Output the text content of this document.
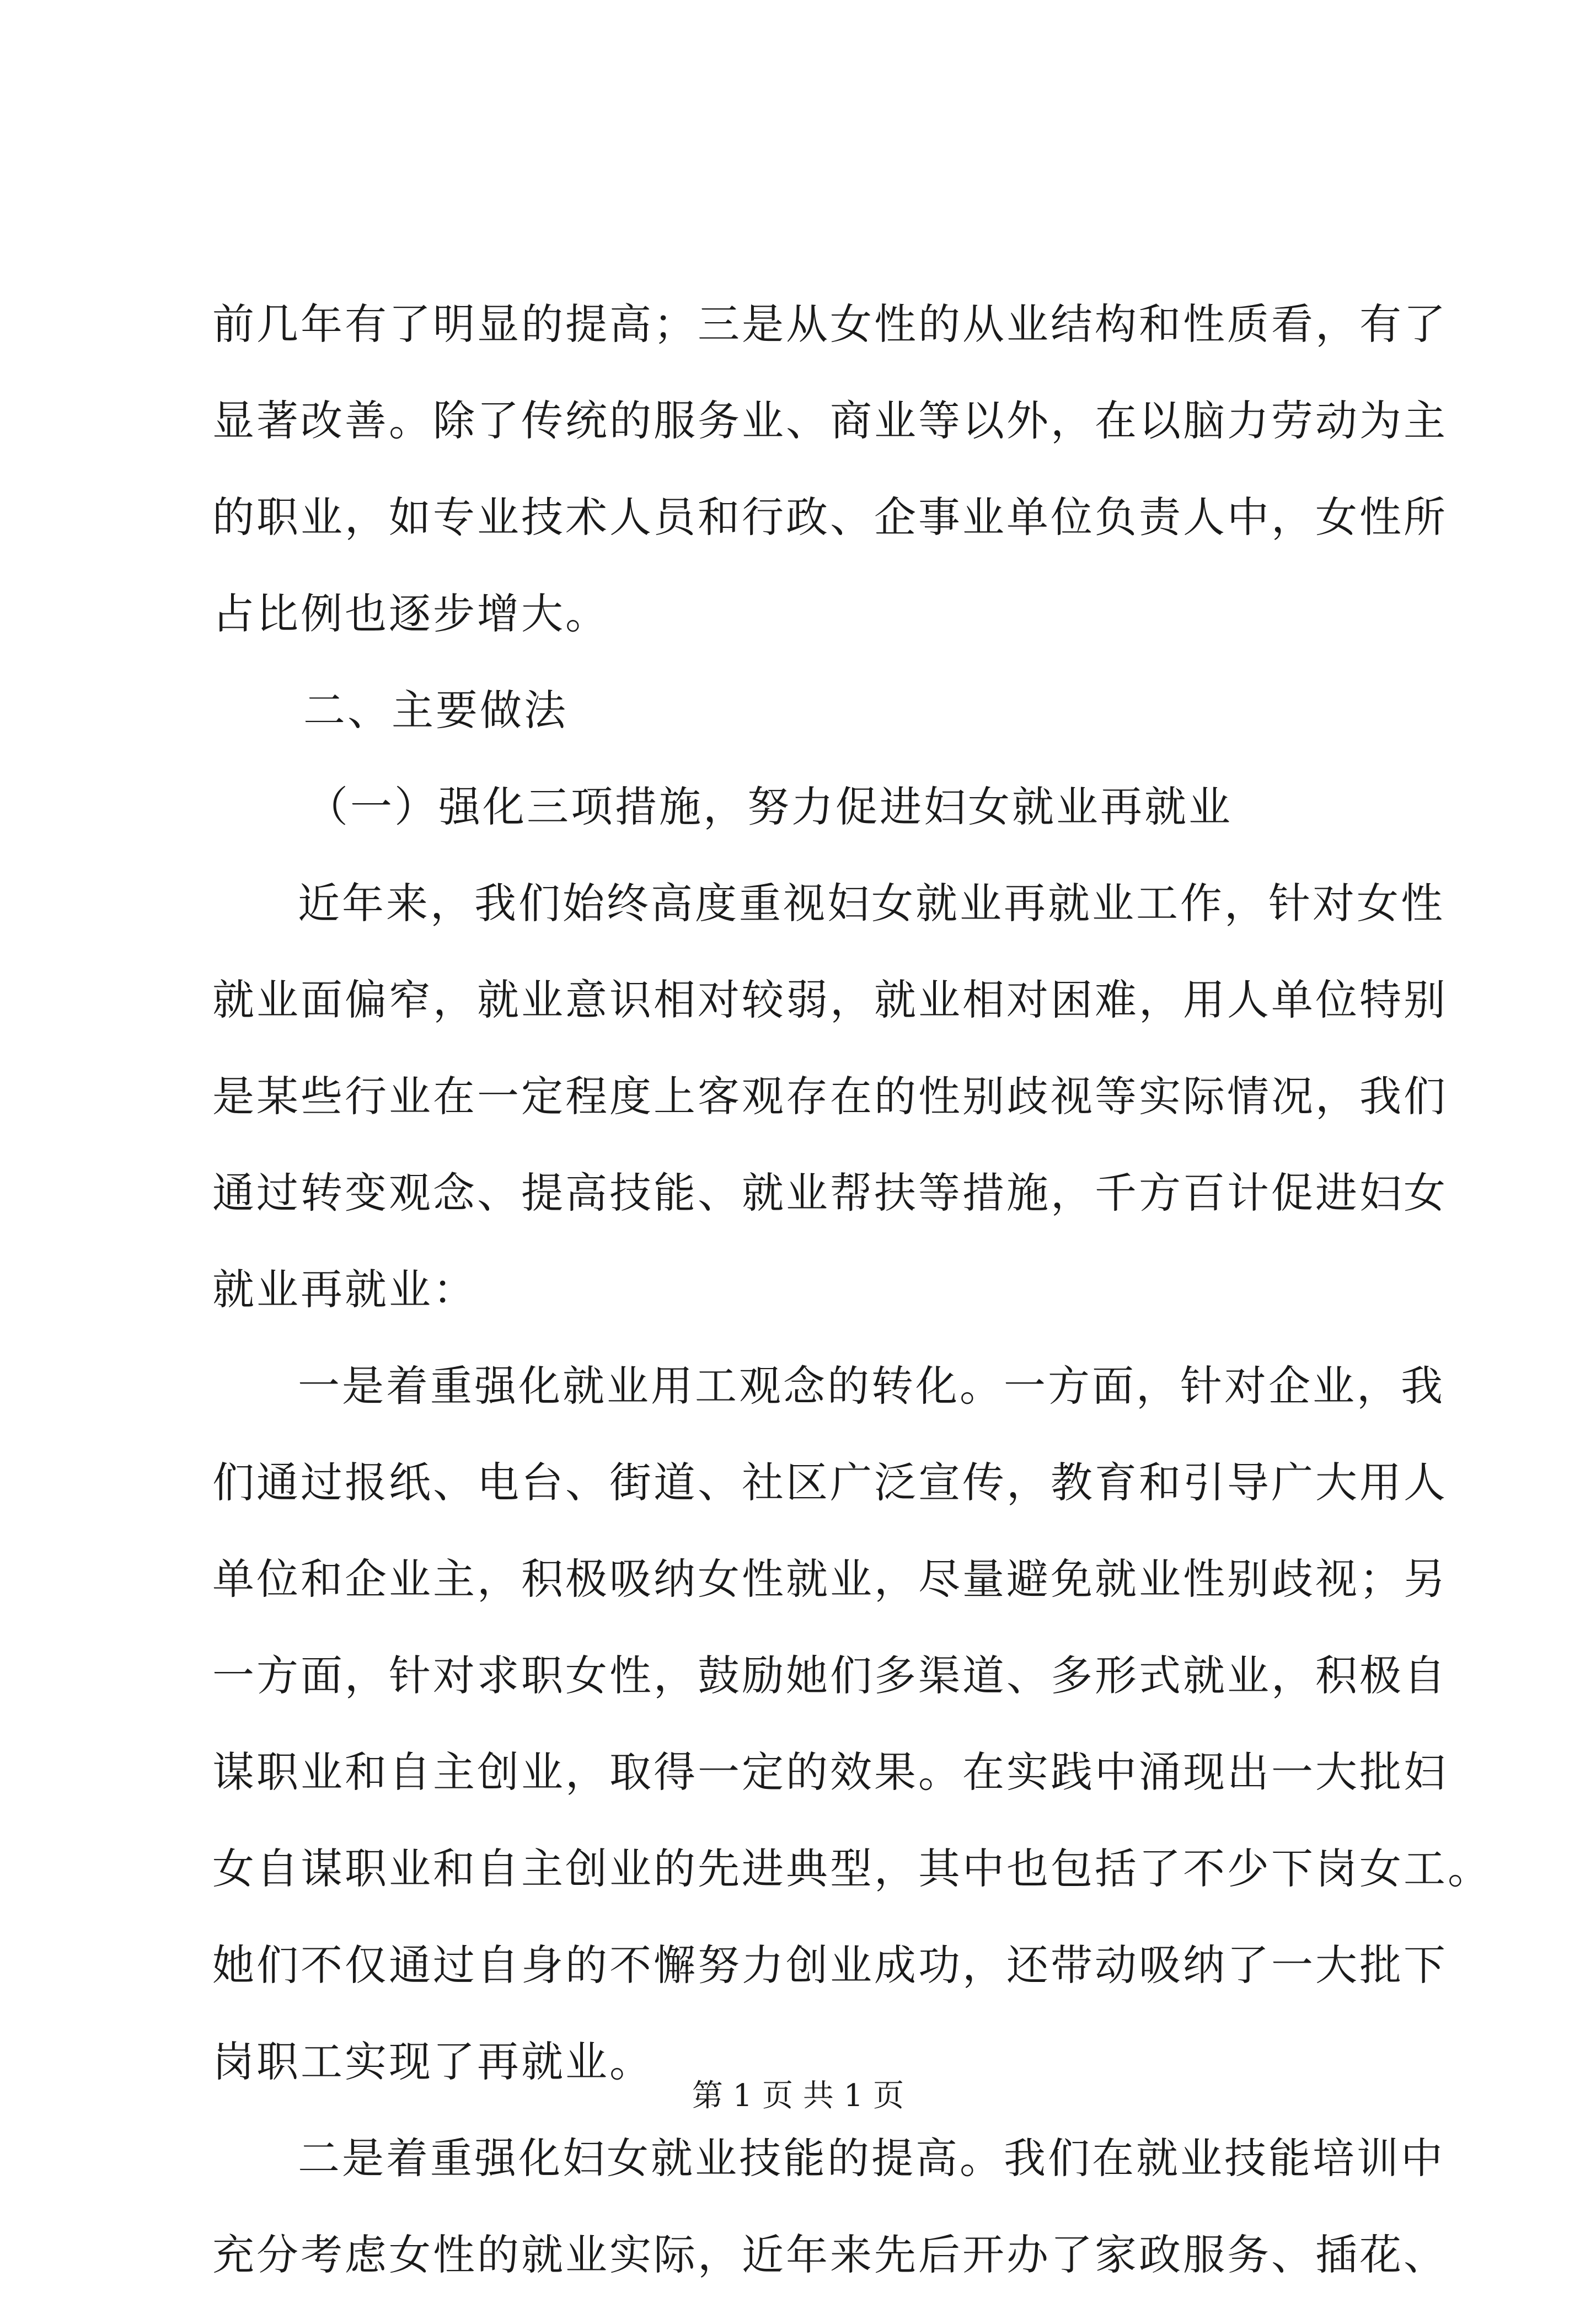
前几年有了明显的提高；三是从女性的从业结构和性质看，有了
显著改善。除了传统的服务业、商业等以外，在以脑力劳动为主
的职业，如专业技术人员和行政、企事业单位负责人中，女性所
占比例也逐步增大。
二、主要做法
（一）强化三项措施，努力促进妇女就业再就业
近年来，我们始终高度重视妇女就业再就业工作，针对女性
就业面偏窄，就业意识相对较弱，就业相对困难，用人单位特别
是某些行业在一定程度上客观存在的性别歧视等实际情况，我们
通过转变观念、提高技能、就业帮扶等措施，千方百计促进妇女
就业再就业：
一是着重强化就业用工观念的转化。一方面，针对企业，我
们通过报纸、电台、街道、社区广泛宣传，教育和引导广大用人
单位和企业主，积极吸纳女性就业，尽量避免就业性别歧视；另
一方面，针对求职女性，鼓励她们多渠道、多形式就业，积极自
谋职业和自主创业，取得一定的效果。在实践中涌现出一大批妇
女自谋职业和自主创业的先进典型，其中也包括了不少下岗女工。
她们不仅通过自身的不懈努力创业成功，还带动吸纳了一大批下
岗职工实现了再就业。
二是着重强化妇女就业技能的提高。我们在就业技能培训中
充分考虑女性的就业实际，近年来先后开办了家政服务、插花、
第 1 页 共 1 页
